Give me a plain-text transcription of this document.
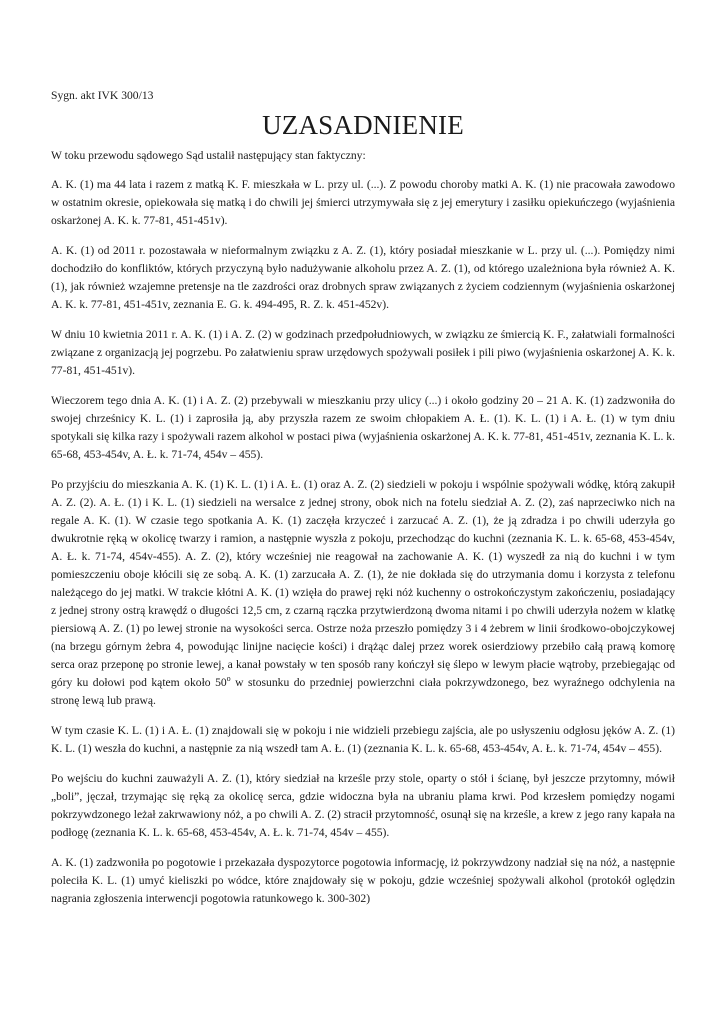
Sygn. akt IVK 300/13

UZASADNIENIE

W toku przewodu sądowego Sąd ustalił następujący stan faktyczny:

A. K. (1) ma 44 lata i razem z matką K. F. mieszkała w L. przy ul. (...). Z powodu choroby matki A. K. (1) nie pracowała zawodowo w ostatnim okresie, opiekowała się matką i do chwili jej śmierci utrzymywała się z jej emerytury i zasiłku opiekuńczego (wyjaśnienia oskarżonej A. K. k. 77-81, 451-451v).

A. K. (1) od 2011 r. pozostawała w nieformalnym związku z A. Z. (1), który posiadał mieszkanie w L. przy ul. (...). Pomiędzy nimi dochodziło do konfliktów, których przyczyną było nadużywanie alkoholu przez A. Z. (1), od którego uzależniona była również A. K. (1), jak również wzajemne pretensje na tle zazdrości oraz drobnych spraw związanych z życiem codziennym (wyjaśnienia oskarżonej A. K. k. 77-81, 451-451v, zeznania E. G. k. 494-495, R. Z. k. 451-452v).

W dniu 10 kwietnia 2011 r. A. K. (1) i A. Z. (2) w godzinach przedpołudniowych, w związku ze śmiercią K. F., załatwiali formalności związane z organizacją jej pogrzebu. Po załatwieniu spraw urzędowych spożywali posiłek i pili piwo (wyjaśnienia oskarżonej A. K. k. 77-81, 451-451v).

Wieczorem tego dnia A. K. (1) i A. Z. (2) przebywali w mieszkaniu przy ulicy (...) i około godziny 20 – 21 A. K. (1) zadzwoniła do swojej chrześnicy K. L. (1) i zaprosiła ją, aby przyszła razem ze swoim chłopakiem A. Ł. (1). K. L. (1) i A. Ł. (1) w tym dniu spotykali się kilka razy i spożywali razem alkohol w postaci piwa (wyjaśnienia oskarżonej A. K. k. 77-81, 451-451v, zeznania K. L. k. 65-68, 453-454v, A. Ł. k. 71-74, 454v – 455).

Po przyjściu do mieszkania A. K. (1) K. L. (1) i A. Ł. (1) oraz A. Z. (2) siedzieli w pokoju i wspólnie spożywali wódkę, którą zakupił A. Z. (2). A. Ł. (1) i K. L. (1) siedzieli na wersalce z jednej strony, obok nich na fotelu siedział A. Z. (2), zaś naprzeciwko nich na regale A. K. (1). W czasie tego spotkania A. K. (1) zaczęła krzyczeć i zarzucać A. Z. (1), że ją zdradza i po chwili uderzyła go dwukrotnie ręką w okolicę twarzy i ramion, a następnie wyszła z pokoju, przechodząc do kuchni (zeznania K. L. k. 65-68, 453-454v, A. Ł. k. 71-74, 454v-455). A. Z. (2), który wcześniej nie reagował na zachowanie A. K. (1) wyszedł za nią do kuchni i w tym pomieszczeniu oboje kłócili się ze sobą. A. K. (1) zarzucała A. Z. (1), że nie dokłada się do utrzymania domu i korzysta z telefonu należącego do jej matki. W trakcie kłótni A. K. (1) wzięła do prawej ręki nóż kuchenny o ostrokończystym zakończeniu, posiadający z jednej strony ostrą krawędź o długości 12,5 cm, z czarną rączka przytwierdzoną dwoma nitami i po chwili uderzyła nożem w klatkę piersiową A. Z. (1) po lewej stronie na wysokości serca. Ostrze noża przeszło pomiędzy 3 i 4 żebrem w linii środkowo-obojczykowej (na brzegu górnym żebra 4, powodując linijne nacięcie kości) i drążąc dalej przez worek osierdziowy przebiło całą prawą komorę serca oraz przeponę po stronie lewej, a kanał powstały w ten sposób rany kończył się ślepo w lewym płacie wątroby, przebiegając od góry ku dołowi pod kątem około 50$^o$ w stosunku do przedniej powierzchni ciała pokrzywdzonego, bez wyraźnego odchylenia na stronę lewą lub prawą.

W tym czasie K. L. (1) i A. Ł. (1) znajdowali się w pokoju i nie widzieli przebiegu zajścia, ale po usłyszeniu odgłosu jęków A. Z. (1) K. L. (1) weszła do kuchni, a następnie za nią wszedł tam A. Ł. (1) (zeznania K. L. k. 65-68, 453-454v, A. Ł. k. 71-74, 454v – 455).

Po wejściu do kuchni zauważyli A. Z. (1), który siedział na krześle przy stole, oparty o stół i ścianę, był jeszcze przytomny, mówił „boli”, jęczał, trzymając się ręką za okolicę serca, gdzie widoczna była na ubraniu plama krwi. Pod krzesłem pomiędzy nogami pokrzywdzonego leżał zakrwawiony nóż, a po chwili A. Z. (2) stracił przytomność, osunął się na krześle, a krew z jego rany kapała na podłogę (zeznania K. L. k. 65-68, 453-454v, A. Ł. k. 71-74, 454v – 455).

A. K. (1) zadzwoniła po pogotowie i przekazała dyspozytorce pogotowia informację, iż pokrzywdzony nadział się na nóż, a następnie poleciła K. L. (1) umyć kieliszki po wódce, które znajdowały się w pokoju, gdzie wcześniej spożywali alkohol (protokół oględzin nagrania zgłoszenia interwencji pogotowia ratunkowego k. 300-302)
